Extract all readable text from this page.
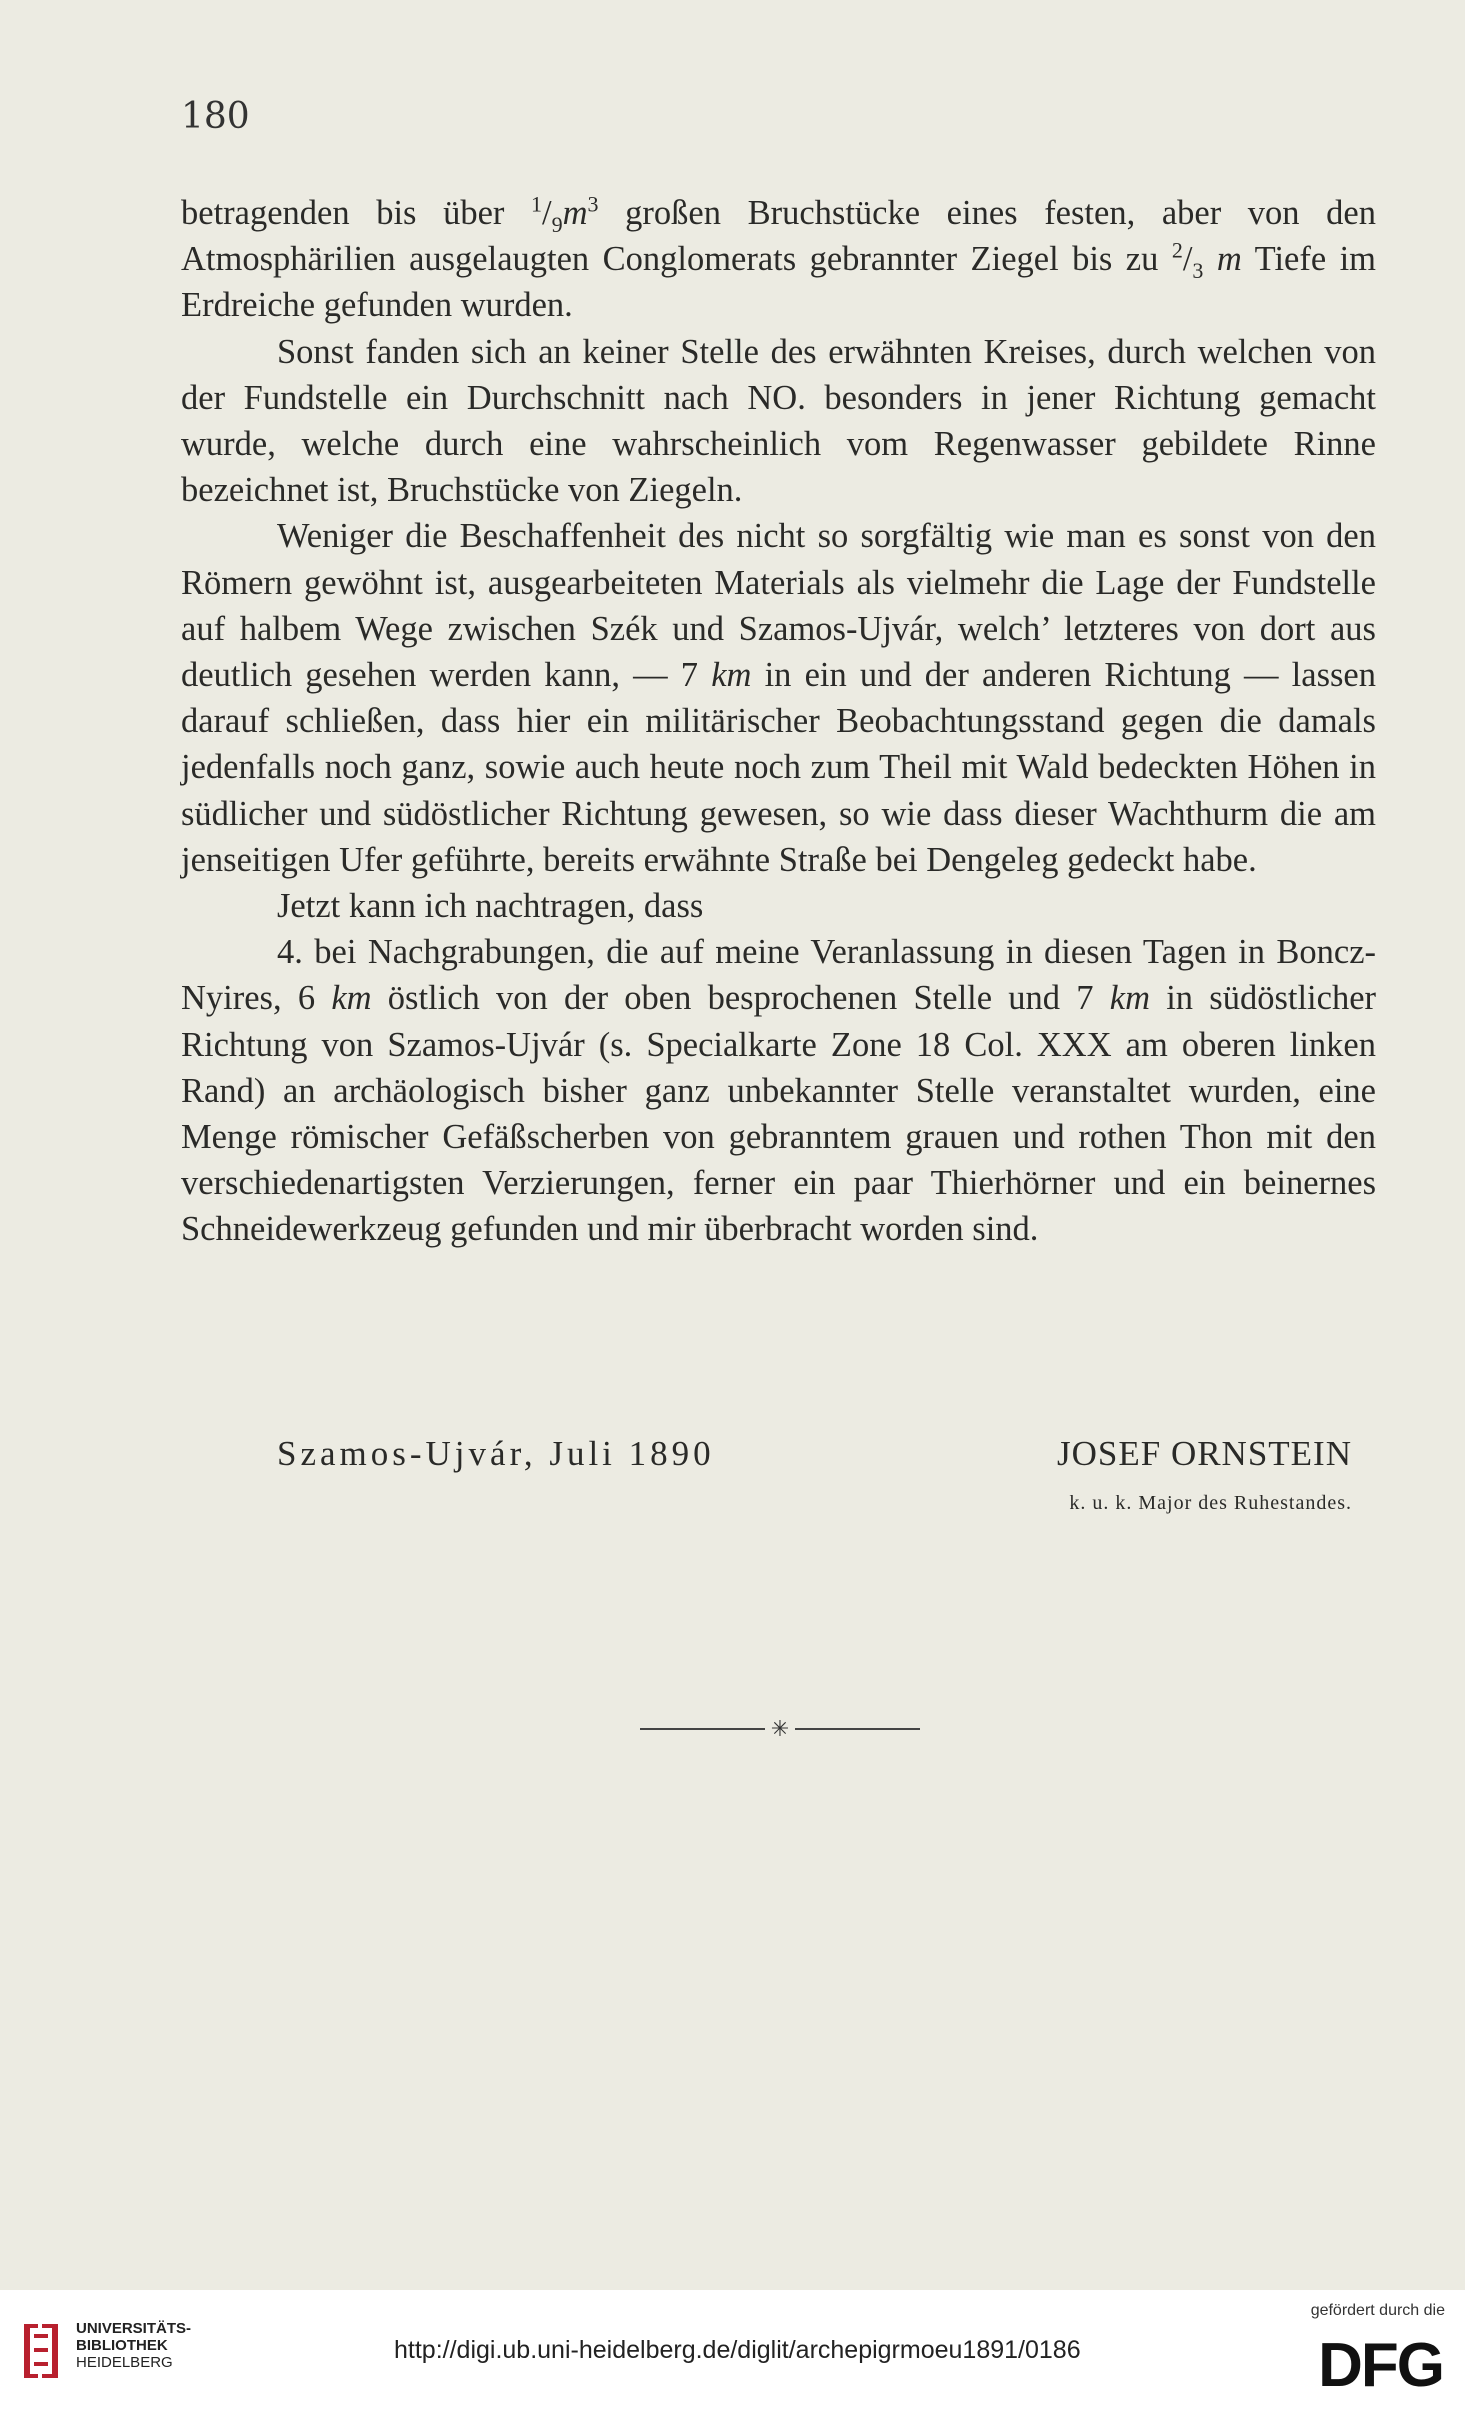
180

betragenden bis über $^1/_9m^3$ großen Bruchstücke eines festen, aber von den Atmosphärilien ausgelaugten Conglomerats gebrannter Ziegel bis zu $^2/_3$ m Tiefe im Erdreiche gefunden wurden.

Sonst fanden sich an keiner Stelle des erwähnten Kreises, durch welchen von der Fundstelle ein Durchschnitt nach NO. besonders in jener Richtung gemacht wurde, welche durch eine wahrscheinlich vom Regenwasser gebildete Rinne bezeichnet ist, Bruchstücke von Ziegeln.

Weniger die Beschaffenheit des nicht so sorgfältig wie man es sonst von den Römern gewöhnt ist, ausgearbeiteten Materials als vielmehr die Lage der Fundstelle auf halbem Wege zwischen Szék und Szamos-Ujvár, welch’ letzteres von dort aus deutlich gesehen werden kann, — 7 km in ein und der anderen Richtung — lassen darauf schließen, dass hier ein militärischer Beobachtungsstand gegen die damals jedenfalls noch ganz, sowie auch heute noch zum Theil mit Wald bedeckten Höhen in südlicher und südöstlicher Richtung gewesen, so wie dass dieser Wachthurm die am jenseitigen Ufer geführte, bereits erwähnte Straße bei Dengeleg gedeckt habe.

Jetzt kann ich nachtragen, dass

4. bei Nachgrabungen, die auf meine Veranlassung in diesen Tagen in Boncz-Nyires, 6 km östlich von der oben besprochenen Stelle und 7 km in südöstlicher Richtung von Szamos-Ujvár (s. Specialkarte Zone 18 Col. XXX am oberen linken Rand) an archäologisch bisher ganz unbekannter Stelle veranstaltet wurden, eine Menge römischer Gefäßscherben von gebranntem grauen und rothen Thon mit den verschiedenartigsten Verzierungen, ferner ein paar Thierhörner und ein beinernes Schneidewerkzeug gefunden und mir überbracht worden sind.

Szamos-Ujvár, Juli 1890	JOSEF ORNSTEIN
k. u. k. Major des Ruhestandes.
✳
UNIVERSITÄTS-
BIBLIOTHEK
HEIDELBERG	http://digi.ub.uni-heidelberg.de/diglit/archepigrmoeu1891/0186
gefördert durch die
DFG
